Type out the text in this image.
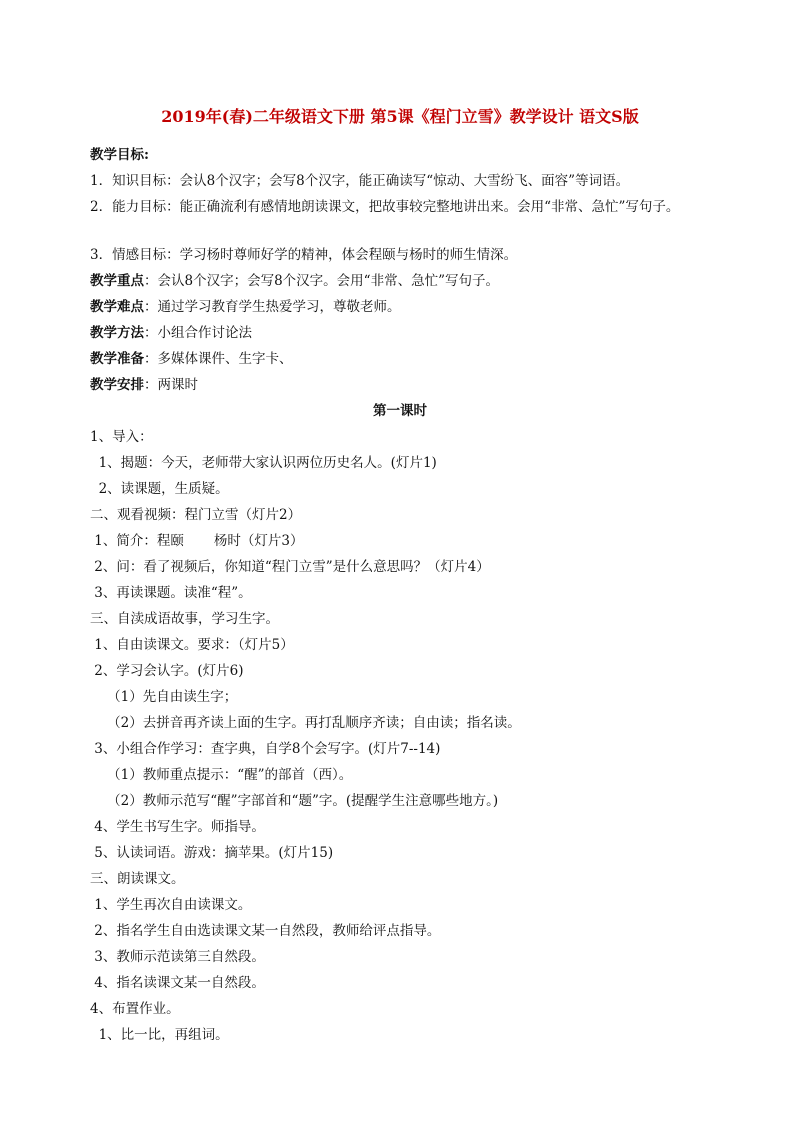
2019年(春)二年级语文下册 第5课《程门立雪》教学设计 语文S版
教学目标:
1．知识目标：会认8个汉字；会写8个汉字，能正确读写“惊动、大雪纷飞、面容”等词语。
2．能力目标：能正确流利有感情地朗读课文，把故事较完整地讲出来。会用“非常、急忙”写句子。
3．情感目标：学习杨时尊师好学的精神，体会程颐与杨时的师生情深。
教学重点：会认8个汉字；会写8个汉字。会用“非常、急忙”写句子。
教学难点：通过学习教育学生热爱学习，尊敬老师。
教学方法：小组合作讨论法
教学准备：多媒体课件、生字卡、
教学安排：两课时
第一课时
1、导入：
1、揭题：今天，老师带大家认识两位历史名人。(灯片1)
2、读课题，生质疑。
二、观看视频：程门立雪（灯片2）
1、简介：程颐       杨时（灯片3）
2、问：看了视频后，你知道“程门立雪”是什么意思吗？（灯片4）
3、再读课题。读准“程”。
三、自渎成语故事，学习生字。
1、自由读课文。要求：（灯片5）
2、学习会认字。(灯片6)
（1）先自由读生字；
（2）去拼音再齐读上面的生字。再打乱顺序齐读；自由读；指名读。
3、小组合作学习：查字典，自学8个会写字。(灯片7--14)
（1）教师重点提示：“醒”的部首（西）。
（2）教师示范写“醒”字部首和“题”字。(提醒学生注意哪些地方。)
4、学生书写生字。师指导。
5、认读词语。游戏：摘苹果。(灯片15)
三、朗读课文。
1、学生再次自由读课文。
2、指名学生自由选读课文某一自然段，教师给评点指导。
3、教师示范读第三自然段。
4、指名读课文某一自然段。
4、布置作业。
1、比一比，再组词。
